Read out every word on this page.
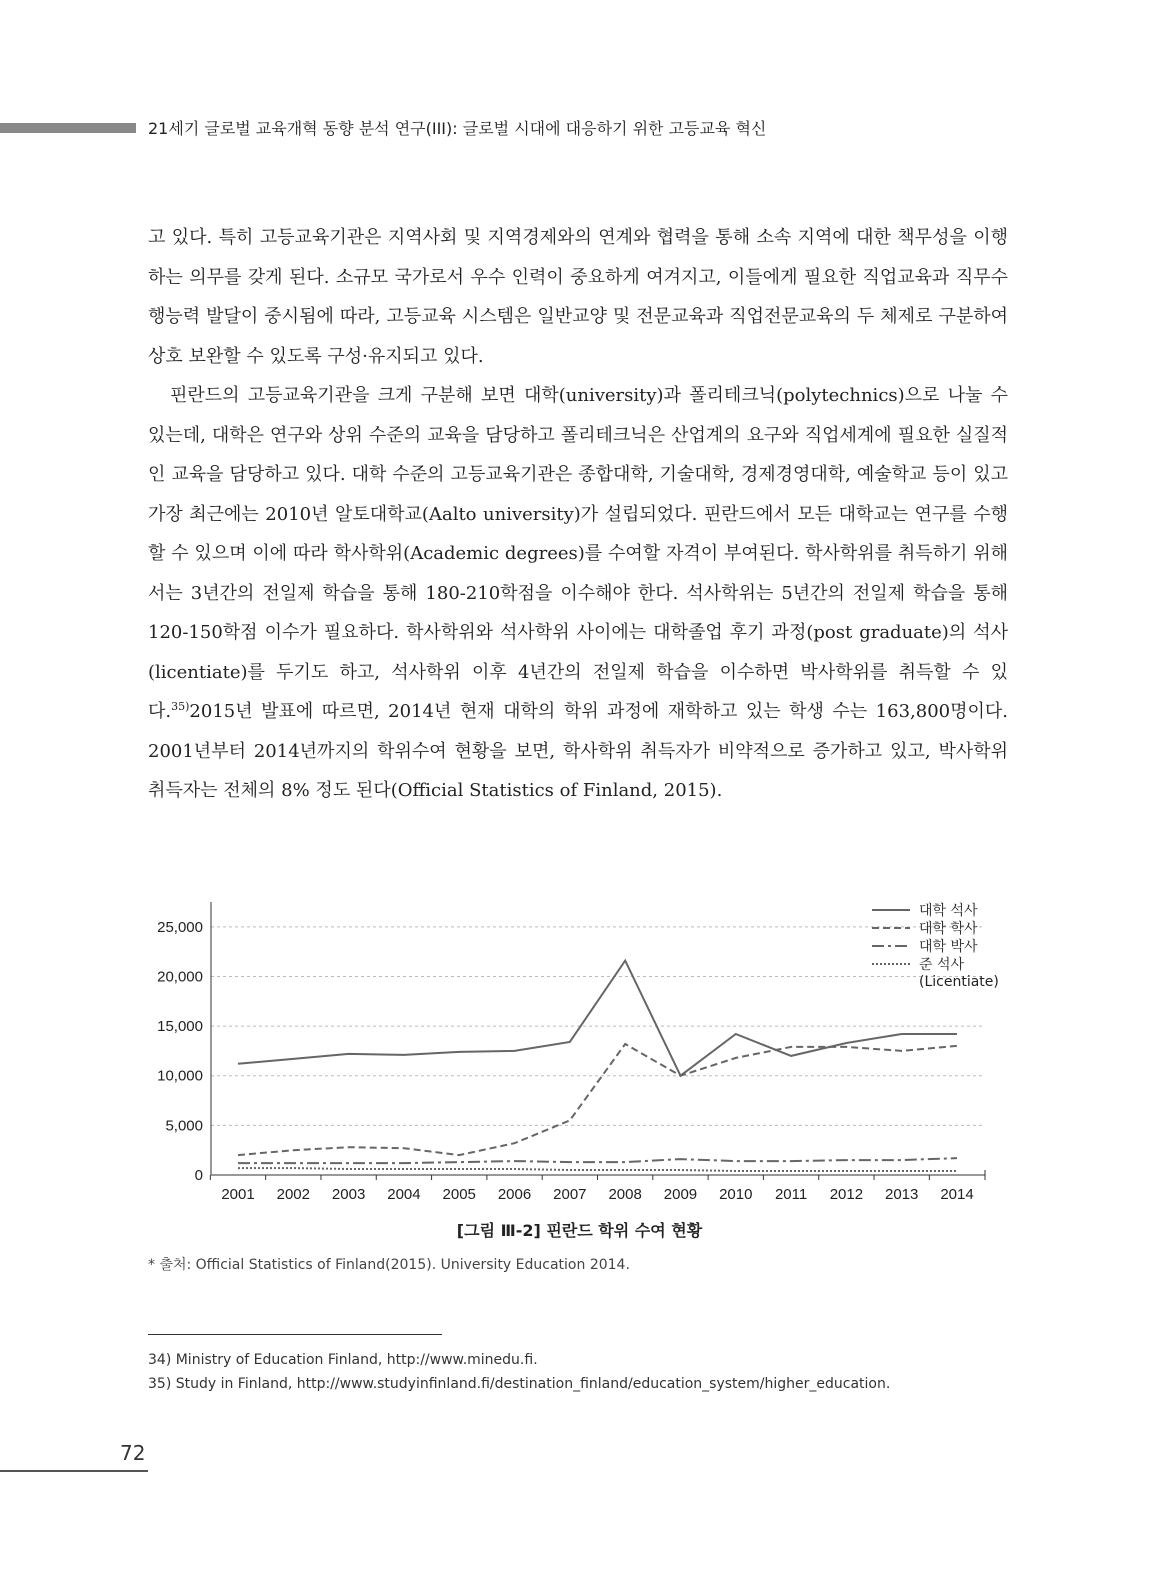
21세기 글로벌 교육개혁 동향 분석 연구(III): 글로벌 시대에 대응하기 위한 고등교육 혁신

고 있다. 특히 고등교육기관은 지역사회 및 지역경제와의 연계와 협력을 통해 소속 지역에 대한 책무성을 이행하는 의무를 갖게 된다. 소규모 국가로서 우수 인력이 중요하게 여겨지고, 이들에게 필요한 직업교육과 직무수행능력 발달이 중시됨에 따라, 고등교육 시스템은 일반교양 및 전문교육과 직업전문교육의 두 체제로 구분하여 상호 보완할 수 있도록 구성·유지되고 있다.

핀란드의 고등교육기관을 크게 구분해 보면 대학(university)과 폴리테크닉(polytechnics)으로 나눌 수 있는데, 대학은 연구와 상위 수준의 교육을 담당하고 폴리테크닉은 산업계의 요구와 직업세계에 필요한 실질적인 교육을 담당하고 있다. 대학 수준의 고등교육기관은 종합대학, 기술대학, 경제경영대학, 예술학교 등이 있고 가장 최근에는 2010년 알토대학교(Aalto university)가 설립되었다. 핀란드에서 모든 대학교는 연구를 수행할 수 있으며 이에 따라 학사학위(Academic degrees)를 수여할 자격이 부여된다. 학사학위를 취득하기 위해서는 3년간의 전일제 학습을 통해 180-210학점을 이수해야 한다. 석사학위는 5년간의 전일제 학습을 통해 120-150학점 이수가 필요하다. 학사학위와 석사학위 사이에는 대학졸업 후기 과정(post graduate)의 석사(licentiate)를 두기도 하고, 석사학위 이후 4년간의 전일제 학습을 이수하면 박사학위를 취득할 수 있다.$^{35)}$2015년 발표에 따르면, 2014년 현재 대학의 학위 과정에 재학하고 있는 학생 수는 163,800명이다. 2001년부터 2014년까지의 학위수여 현황을 보면, 학사학위 취득자가 비약적으로 증가하고 있고, 박사학위 취득자는 전체의 8% 정도 된다(Official Statistics of Finland, 2015).

0
5,000
10,000
15,000
20,000
25,000
2001 2002 2003 2004 2005 2006 2007 2008 2009 2010 2011 2012 2013 2014
대학 석사
대학 학사
대학 박사
준 석사
(Licentiate)
[그림 Ⅲ-2] 핀란드 학위 수여 현황
* 출처: Official Statistics of Finland(2015). University Education 2014.
34) Ministry of Education Finland, http://www.minedu.fi.
35) Study in Finland, http://www.studyinfinland.fi/destination_finland/education_system/higher_education.
72
